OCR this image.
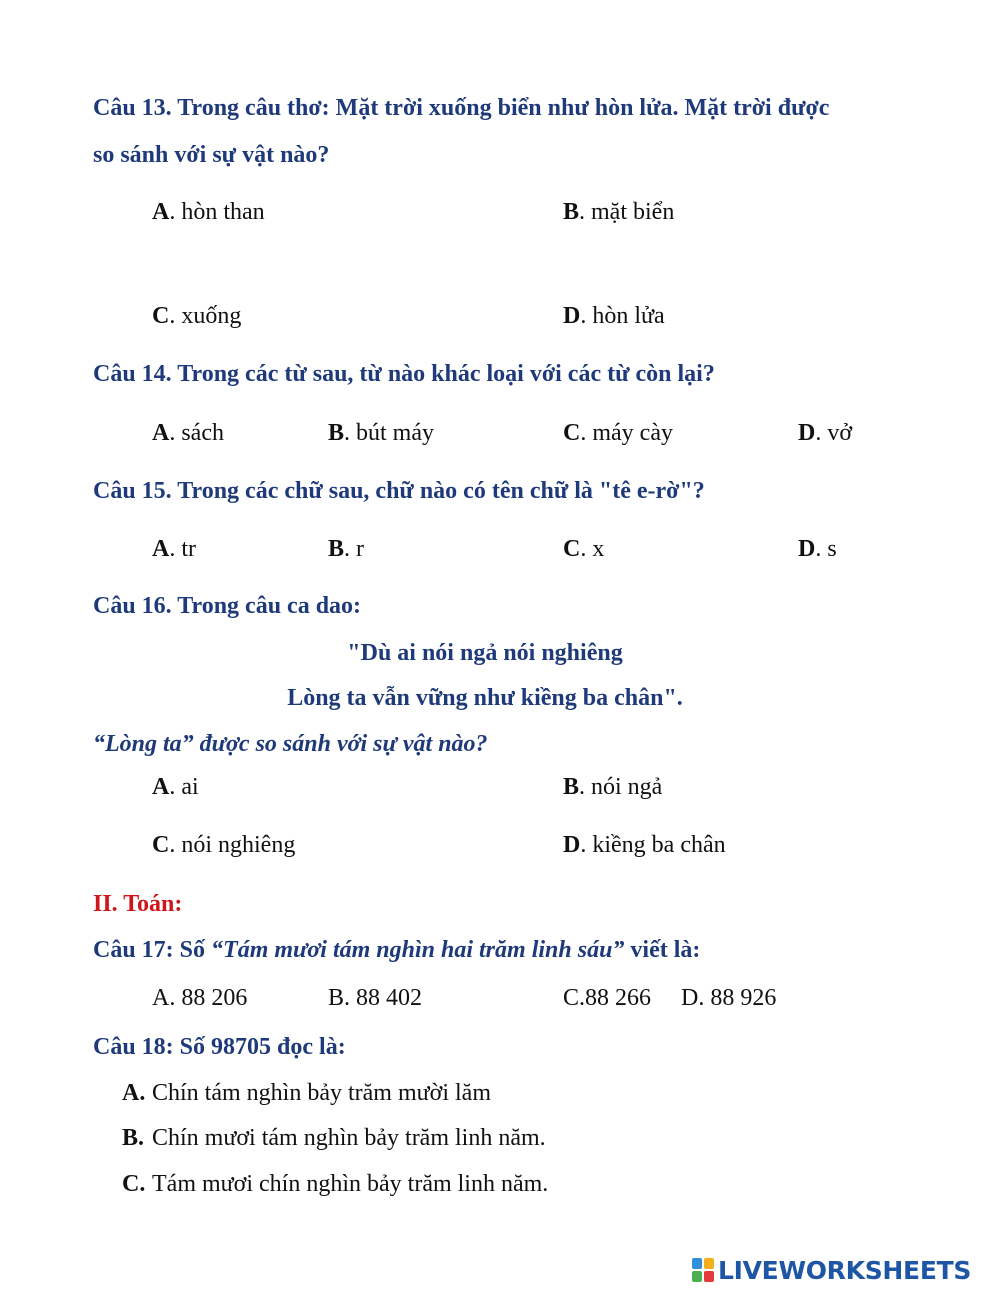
Câu 13. Trong câu thơ: Mặt trời xuống biển như hòn lửa. Mặt trời được
so sánh với sự vật nào?
A. hòn than	B. mặt biển
C. xuống	D. hòn lửa
Câu 14. Trong các từ sau, từ nào khác loại với các từ còn lại?
A. sách	B. bút máy	C. máy cày	D. vở
Câu 15. Trong các chữ sau, chữ nào có tên chữ là "tê e-rờ"?
A. tr	B. r	C. x	D. s
Câu 16. Trong câu ca dao:
"Dù ai nói ngả nói nghiêng
Lòng ta vẫn vững như kiềng ba chân".
“Lòng ta” được so sánh với sự vật nào?
A. ai	B. nói ngả
C. nói nghiêng	D. kiềng ba chân
II. Toán:
Câu 17: Số “Tám mươi tám nghìn hai trăm linh sáu” viết là:
A. 88 206	B. 88 402	C.88 266 D. 88 926
Câu 18: Số 98705 đọc là:
A. Chín tám nghìn bảy trăm mười lăm
B. Chín mươi tám nghìn bảy trăm linh năm.
C. Tám mươi chín nghìn bảy trăm linh năm.
LIVEWORKSHEETS
